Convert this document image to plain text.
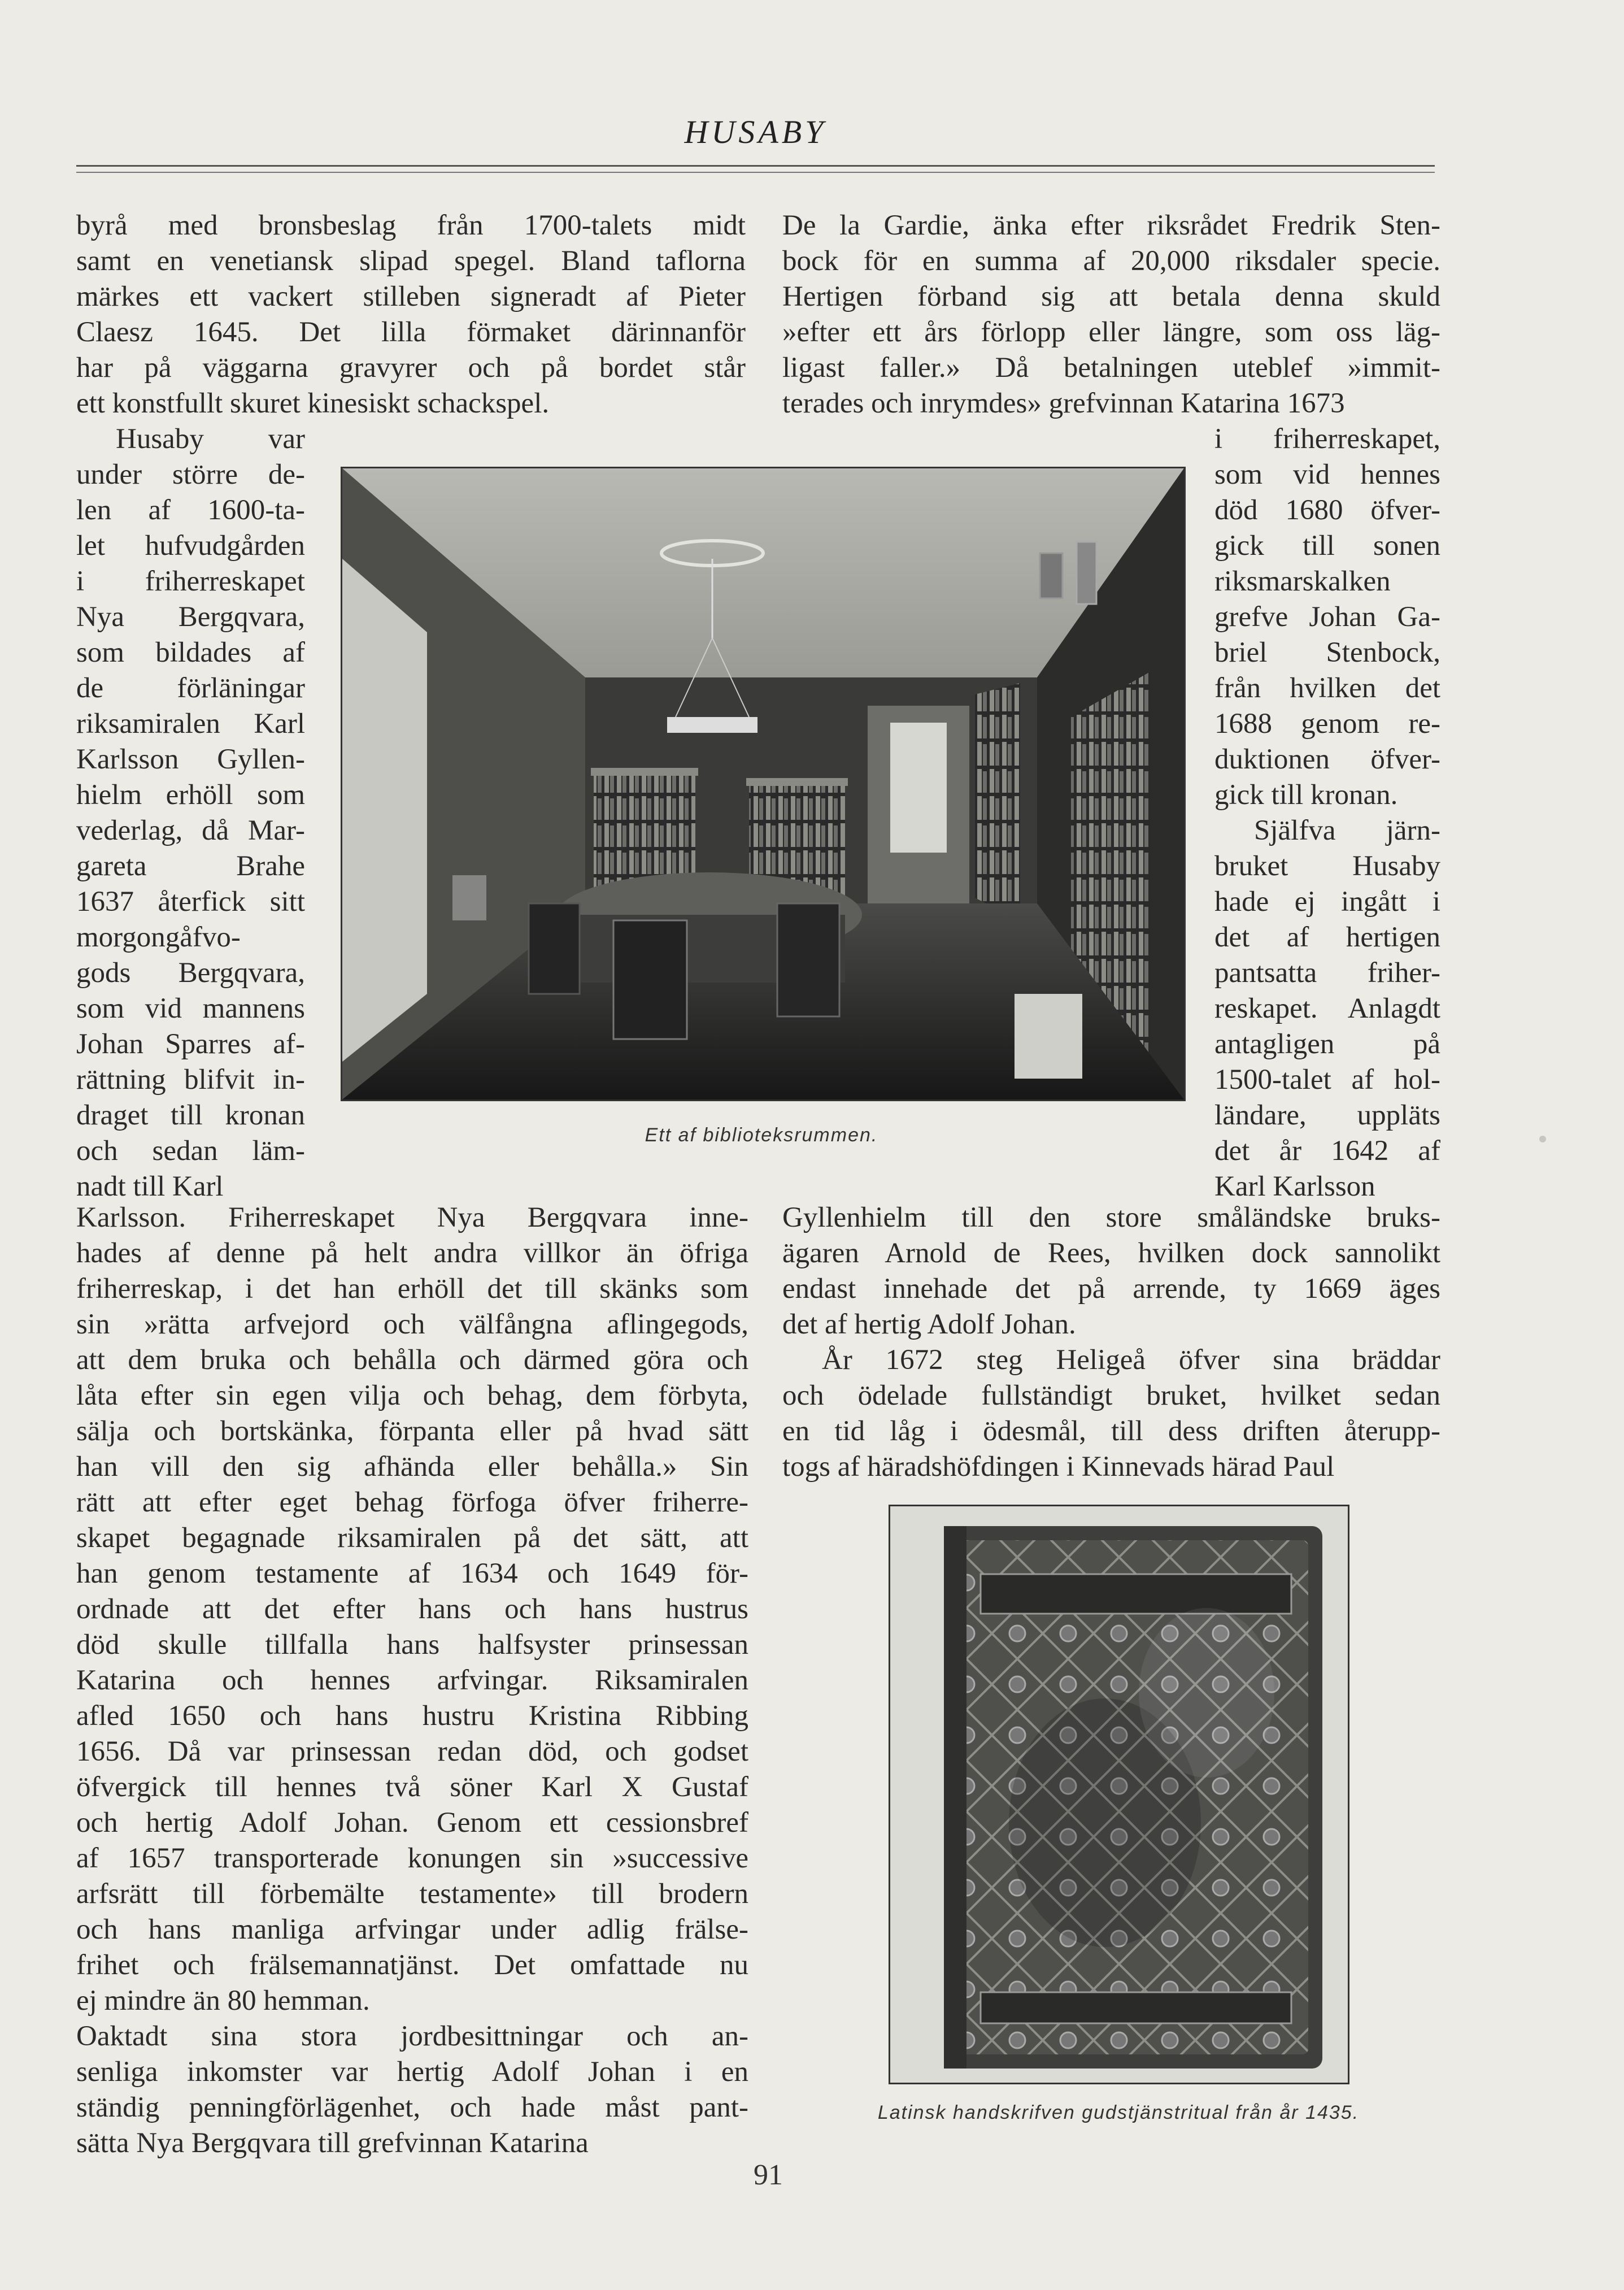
HUSABY

byrå med bronsbeslag från 1700-talets midt

samt en venetiansk slipad spegel. Bland taflorna

märkes ett vackert stilleben signeradt af Pieter

Claesz 1645. Det lilla förmaket därinnanför

har på väggarna gravyrer och på bordet står

ett konstfullt skuret kinesiskt schackspel.

Husaby var

under större de-

len af 1600-ta-

let hufvudgården

i friherreskapet

Nya Bergqvara,

som bildades af

de förläningar

riksamiralen Karl

Karlsson Gyllen-

hielm erhöll som

vederlag, då Mar-

gareta Brahe

1637 återfick sitt

morgongåfvo-

gods Bergqvara,

som vid mannens

Johan Sparres af-

rättning blifvit in-

draget till kronan

och sedan läm-

nadt till Karl

Karlsson. Friherreskapet Nya Bergqvara inne-

hades af denne på helt andra villkor än öfriga

friherreskap, i det han erhöll det till skänks som

sin »rätta arfvejord och välfångna aflingegods,

att dem bruka och behålla och därmed göra och

låta efter sin egen vilja och behag, dem förbyta,

sälja och bortskänka, förpanta eller på hvad sätt

han vill den sig afhända eller behålla.» Sin

rätt att efter eget behag förfoga öfver friherre-

skapet begagnade riksamiralen på det sätt, att

han genom testamente af 1634 och 1649 för-

ordnade att det efter hans och hans hustrus

död skulle tillfalla hans halfsyster prinsessan

Katarina och hennes arfvingar. Riksamiralen

afled 1650 och hans hustru Kristina Ribbing

1656. Då var prinsessan redan död, och godset

öfvergick till hennes två söner Karl X Gustaf

och hertig Adolf Johan. Genom ett cessionsbref

af 1657 transporterade konungen sin »successive

arfsrätt till förbemälte testamente» till brodern

och hans manliga arfvingar under adlig frälse-

frihet och frälsemannatjänst. Det omfattade nu

ej mindre än 80 hemman.

Oaktadt sina stora jordbesittningar och an-

senliga inkomster var hertig Adolf Johan i en

ständig penningförlägenhet, och hade måst pant-

sätta Nya Bergqvara till grefvinnan Katarina

De la Gardie, änka efter riksrådet Fredrik Sten-

bock för en summa af 20,000 riksdaler specie.

Hertigen förband sig att betala denna skuld

»efter ett års förlopp eller längre, som oss läg-

ligast faller.» Då betalningen uteblef »immit-

terades och inrymdes» grefvinnan Katarina 1673

i friherreskapet,

som vid hennes

död 1680 öfver-

gick till sonen

riksmarskalken

grefve Johan Ga-

briel Stenbock,

från hvilken det

1688 genom re-

duktionen öfver-

gick till kronan.

Själfva järn-

bruket Husaby

hade ej ingått i

det af hertigen

pantsatta friher-

reskapet. Anlagdt

antagligen på

1500-talet af hol-

ländare, uppläts

det år 1642 af

Karl Karlsson

Gyllenhielm till den store småländske bruks-

ägaren Arnold de Rees, hvilken dock sannolikt

endast innehade det på arrende, ty 1669 äges

det af hertig Adolf Johan.

År 1672 steg Heligeå öfver sina bräddar

och ödelade fullständigt bruket, hvilket sedan

en tid låg i ödesmål, till dess driften återupp-

togs af häradshöfdingen i Kinnevads härad Paul

Ett af biblioteksrummen.
Latinsk handskrifven gudstjänstritual från år 1435.
91
